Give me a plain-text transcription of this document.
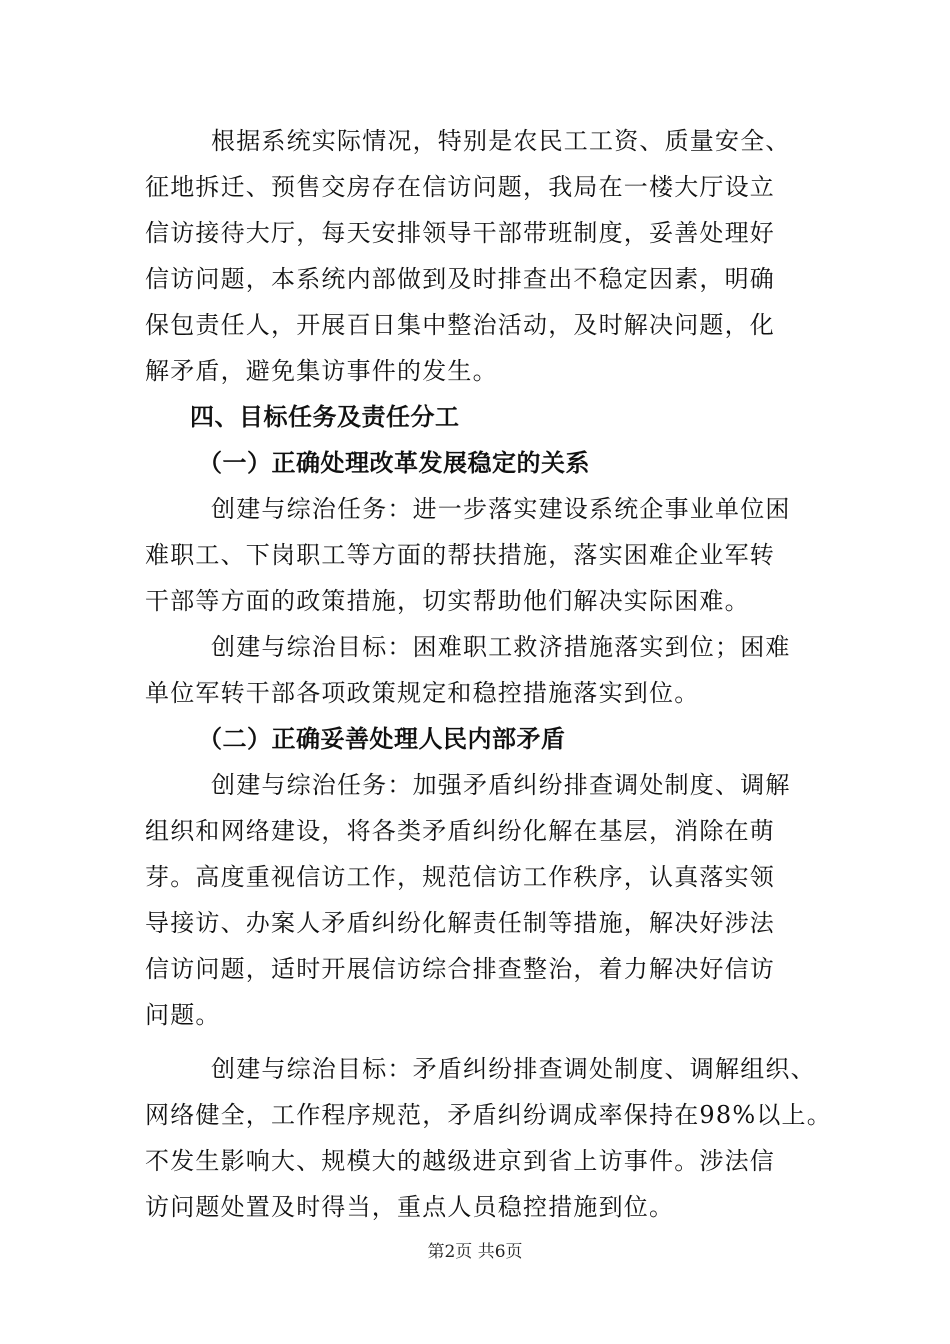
根据系统实际情况，特别是农民工工资、质量安全、
征地拆迁、预售交房存在信访问题，我局在一楼大厅设立
信访接待大厅，每天安排领导干部带班制度，妥善处理好
信访问题，本系统内部做到及时排查出不稳定因素，明确
保包责任人，开展百日集中整治活动，及时解决问题，化
解矛盾，避免集访事件的发生。
四、目标任务及责任分工
（一）正确处理改革发展稳定的关系
创建与综治任务：进一步落实建设系统企事业单位困
难职工、下岗职工等方面的帮扶措施，落实困难企业军转
干部等方面的政策措施，切实帮助他们解决实际困难。
创建与综治目标：困难职工救济措施落实到位；困难
单位军转干部各项政策规定和稳控措施落实到位。
（二）正确妥善处理人民内部矛盾
创建与综治任务：加强矛盾纠纷排查调处制度、调解
组织和网络建设，将各类矛盾纠纷化解在基层，消除在萌
芽。高度重视信访工作，规范信访工作秩序，认真落实领
导接访、办案人矛盾纠纷化解责任制等措施，解决好涉法
信访问题，适时开展信访综合排查整治，着力解决好信访
问题。
创建与综治目标：矛盾纠纷排查调处制度、调解组织、
网络健全，工作程序规范，矛盾纠纷调成率保持在98%以上。
不发生影响大、规模大的越级进京到省上访事件。涉法信
访问题处置及时得当，重点人员稳控措施到位。
第2页 共6页
